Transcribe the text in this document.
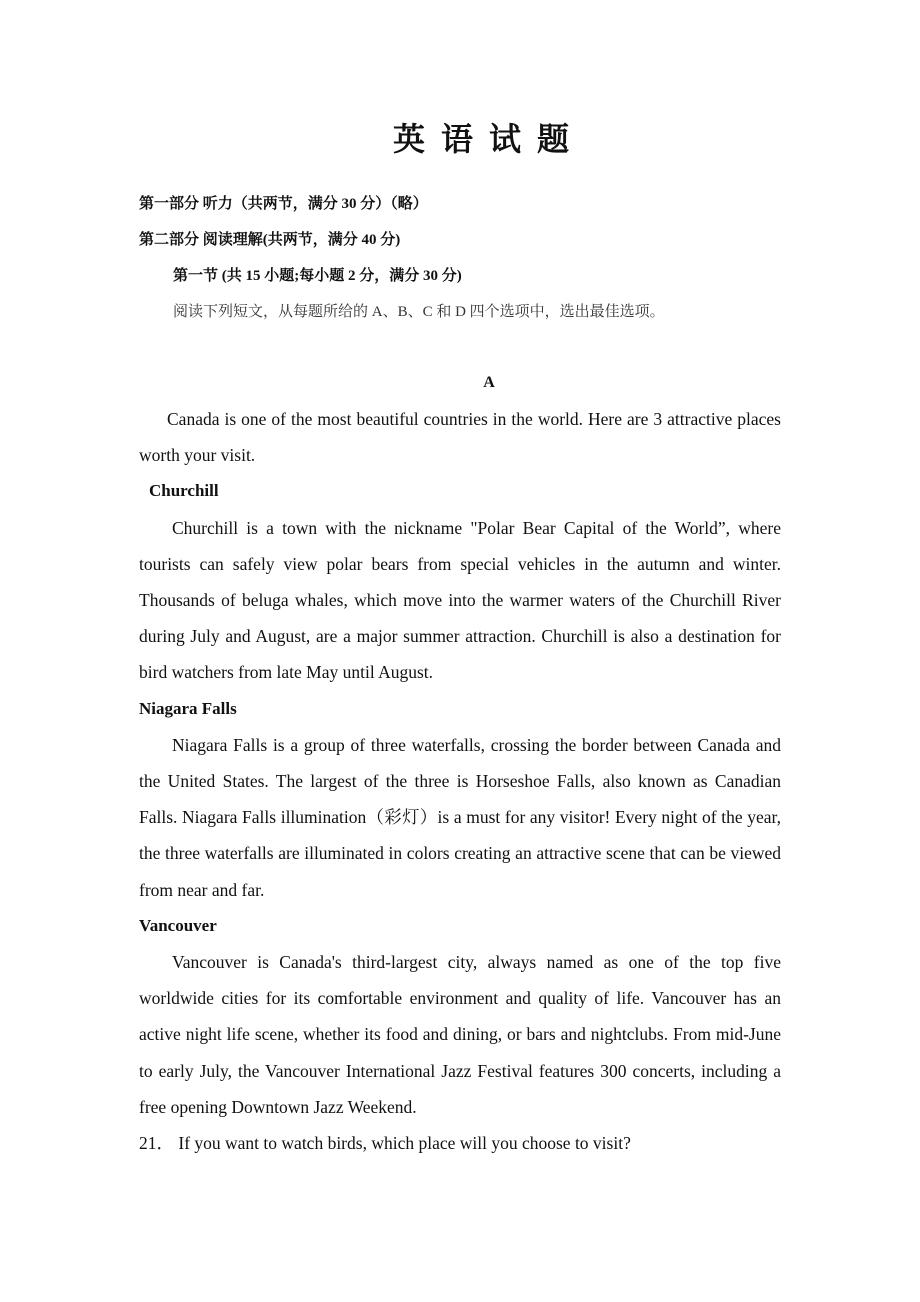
英语试题
第一部分 听力（共两节，满分 30 分）（略）
第二部分 阅读理解(共两节，满分 40 分)
第一节 (共 15 小题;每小题 2 分，满分 30 分)
阅读下列短文，从每题所给的 A、B、C 和 D 四个选项中，选出最佳选项。
A

Canada is one of the most beautiful countries in the world. Here are 3 attractive places worth your visit.

Churchill

Churchill is a town with the nickname "Polar Bear Capital of the World”, where tourists can safely view polar bears from special vehicles in the autumn and winter. Thousands of beluga whales, which move into the warmer waters of the Churchill River during July and August, are a major summer attraction. Churchill is also a destination for bird watchers from late May until August.

Niagara Falls

Niagara Falls is a group of three waterfalls, crossing the border between Canada and the United States. The largest of the three is Horseshoe Falls, also known as Canadian Falls. Niagara Falls illumination（彩灯）is a must for any visitor! Every night of the year, the three waterfalls are illuminated in colors creating an attractive scene that can be viewed from near and far.

Vancouver

Vancouver is Canada's third-largest city, always named as one of the top five worldwide cities for its comfortable environment and quality of life. Vancouver has an active night life scene, whether its food and dining, or bars and nightclubs. From mid-June to early July, the Vancouver International Jazz Festival features 300 concerts, including a free opening Downtown Jazz Weekend.

21． If you want to watch birds, which place will you choose to visit?
